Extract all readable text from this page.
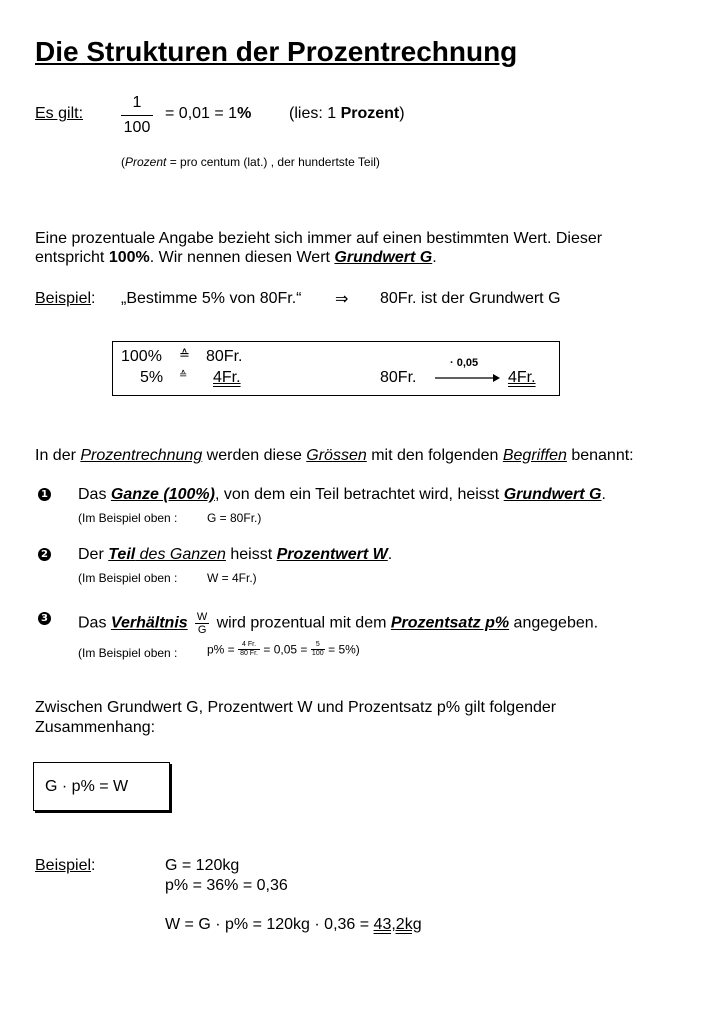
Die Strukturen der Prozentrechnung
Es gilt: $\frac{1}{100} = 0,01 = 1\%$ (lies: 1 Prozent)
(Prozent = pro centum (lat.) , der hundertste Teil)
Eine prozentuale Angabe bezieht sich immer auf einen bestimmten Wert. Dieser
entspricht 100%. Wir nennen diesen Wert Grundwert G.
Beispiel: „Bestimme 5% von 80Fr.“ ⇒ 80Fr. ist der Grundwert G
100% ≙ 80Fr.
5% ≙ 4Fr.	80Fr.
· 0,05
4Fr.
In der Prozentrechnung werden diese Grössen mit den folgenden Begriffen benannt:
1 Das Ganze (100%), von dem ein Teil betrachtet wird, heisst Grundwert G.
(Im Beispiel oben : G = 80Fr.)
2 Der Teil des Ganzen heisst Prozentwert W.
(Im Beispiel oben : W = 4Fr.)
3 Das Verhältnis $\frac{W}{G}$ wird prozentual mit dem Prozentsatz p% angegeben.
(Im Beispiel oben : $p\% = \frac{4 Fr.}{80 Fr.} = 0,05 = \frac{5}{100} = 5\%$)
Zwischen Grundwert G, Prozentwert W und Prozentsatz p% gilt folgender
Zusammenhang:
G · p% = W
Beispiel:	G = 120kg
p% = 36% = 0,36
W = G · p% = 120kg · 0,36 = 43,2kg
